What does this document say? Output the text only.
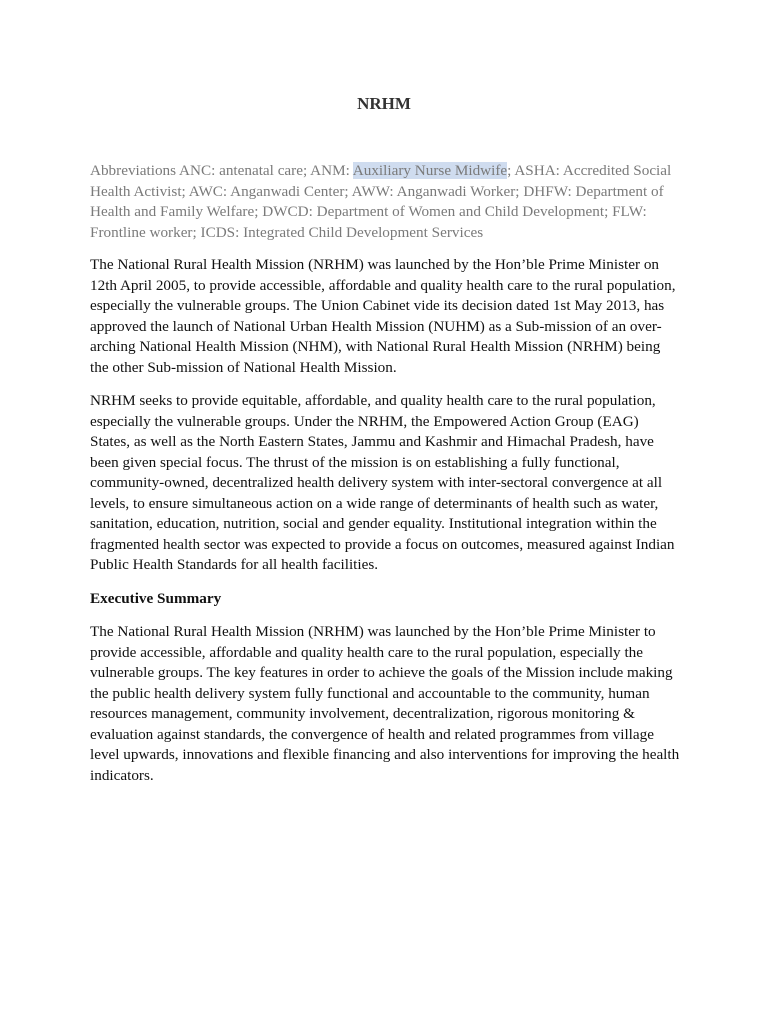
NRHM

Abbreviations ANC: antenatal care; ANM: Auxiliary Nurse Midwife; ASHA: Accredited Social Health Activist; AWC: Anganwadi Center; AWW: Anganwadi Worker; DHFW: Department of Health and Family Welfare; DWCD: Department of Women and Child Development; FLW: Frontline worker; ICDS: Integrated Child Development Services

The National Rural Health Mission (NRHM) was launched by the Hon’ble Prime Minister on 12th April 2005, to provide accessible, affordable and quality health care to the rural population, especially the vulnerable groups. The Union Cabinet vide its decision dated 1st May 2013, has approved the launch of National Urban Health Mission (NUHM) as a Sub-mission of an over-arching National Health Mission (NHM), with National Rural Health Mission (NRHM) being the other Sub-mission of National Health Mission.

NRHM seeks to provide equitable, affordable, and quality health care to the rural population, especially the vulnerable groups. Under the NRHM, the Empowered Action Group (EAG) States, as well as the North Eastern States, Jammu and Kashmir and Himachal Pradesh, have been given special focus. The thrust of the mission is on establishing a fully functional, community-owned, decentralized health delivery system with inter-sectoral convergence at all levels, to ensure simultaneous action on a wide range of determinants of health such as water, sanitation, education, nutrition, social and gender equality. Institutional integration within the fragmented health sector was expected to provide a focus on outcomes, measured against Indian Public Health Standards for all health facilities.

Executive Summary

The National Rural Health Mission (NRHM) was launched by the Hon’ble Prime Minister to provide accessible, affordable and quality health care to the rural population, especially the vulnerable groups. The key features in order to achieve the goals of the Mission include making the public health delivery system fully functional and accountable to the community, human resources management, community involvement, decentralization, rigorous monitoring & evaluation against standards, the convergence of health and related programmes from village level upwards, innovations and flexible financing and also interventions for improving the health indicators.
